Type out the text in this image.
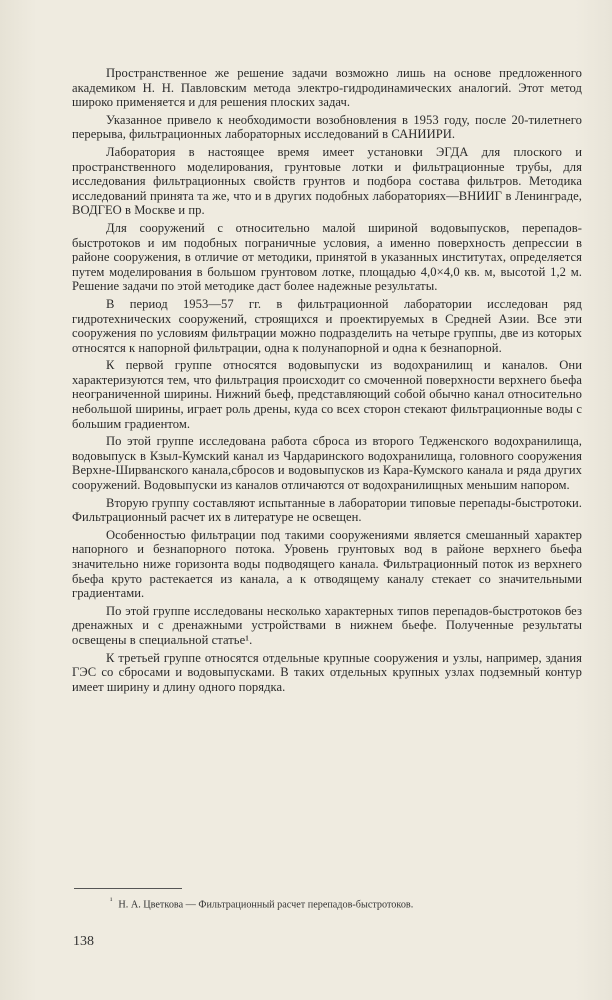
Пространственное же решение задачи возможно лишь на основе предложенного академиком Н. Н. Павловским метода электро-гидродинамических аналогий. Этот метод широко применяется и для решения плоских задач.

Указанное привело к необходимости возобновления в 1953 году, после 20-тилетнего перерыва, фильтрационных лабораторных исследований в САНИИРИ.

Лаборатория в настоящее время имеет установки ЭГДА для плоского и пространственного моделирования, грунтовые лотки и фильтрационные трубы, для исследования фильтрационных свойств грунтов и подбора состава фильтров. Методика исследований принята та же, что и в других подобных лабораториях—ВНИИГ в Ленинграде, ВОДГЕО в Москве и пр.

Для сооружений с относительно малой шириной водовыпусков, перепадов-быстротоков и им подобных пограничные условия, а именно поверхность депрессии в районе сооружения, в отличие от методики, принятой в указанных институтах, определяется путем моделирования в большом грунтовом лотке, площадью 4,0×4,0 кв. м, высотой 1,2 м. Решение задачи по этой методике даст более надежные результаты.

В период 1953—57 гг. в фильтрационной лаборатории исследован ряд гидротехнических сооружений, строящихся и проектируемых в Средней Азии. Все эти сооружения по условиям фильтрации можно подразделить на четыре группы, две из которых относятся к напорной фильтрации, одна к полунапорной и одна к безнапорной.

К первой группе относятся водовыпуски из водохранилищ и каналов. Они характеризуются тем, что фильтрация происходит со смоченной поверхности верхнего бьефа неограниченной ширины. Нижний бьеф, представляющий собой обычно канал относительно небольшой ширины, играет роль дрены, куда со всех сторон стекают фильтрационные воды с большим градиентом.

По этой группе исследована работа сброса из второго Тедженского водохранилища, водовыпуск в Кзыл-Кумский канал из Чардаринского водохранилища, головного сооружения Верхне-Ширванского канала,сбросов и водовыпусков из Кара-Кумского канала и ряда других сооружений. Водовыпуски из каналов отличаются от водохранилищных меньшим напором.

Вторую группу составляют испытанные в лаборатории типовые перепады-быстротоки. Фильтрационный расчет их в литературе не освещен.

Особенностью фильтрации под такими сооружениями является смешанный характер напорного и безнапорного потока. Уровень грунтовых вод в районе верхнего бьефа значительно ниже горизонта воды подводящего канала. Фильтрационный поток из верхнего бьефа круто растекается из канала, а к отводящему каналу стекает со значительными градиентами.

По этой группе исследованы несколько характерных типов перепадов-быстротоков без дренажных и с дренажными устройствами в нижнем бьефе. Полученные результаты освещены в специальной статье¹.

К третьей группе относятся отдельные крупные сооружения и узлы, например, здания ГЭС со сбросами и водовыпусками. В таких отдельных крупных узлах подземный контур имеет ширину и длину одного порядка.

$^{^1}$ Н. А. Цветкова — Фильтрационный расчет перепадов-быстротоков.
138
